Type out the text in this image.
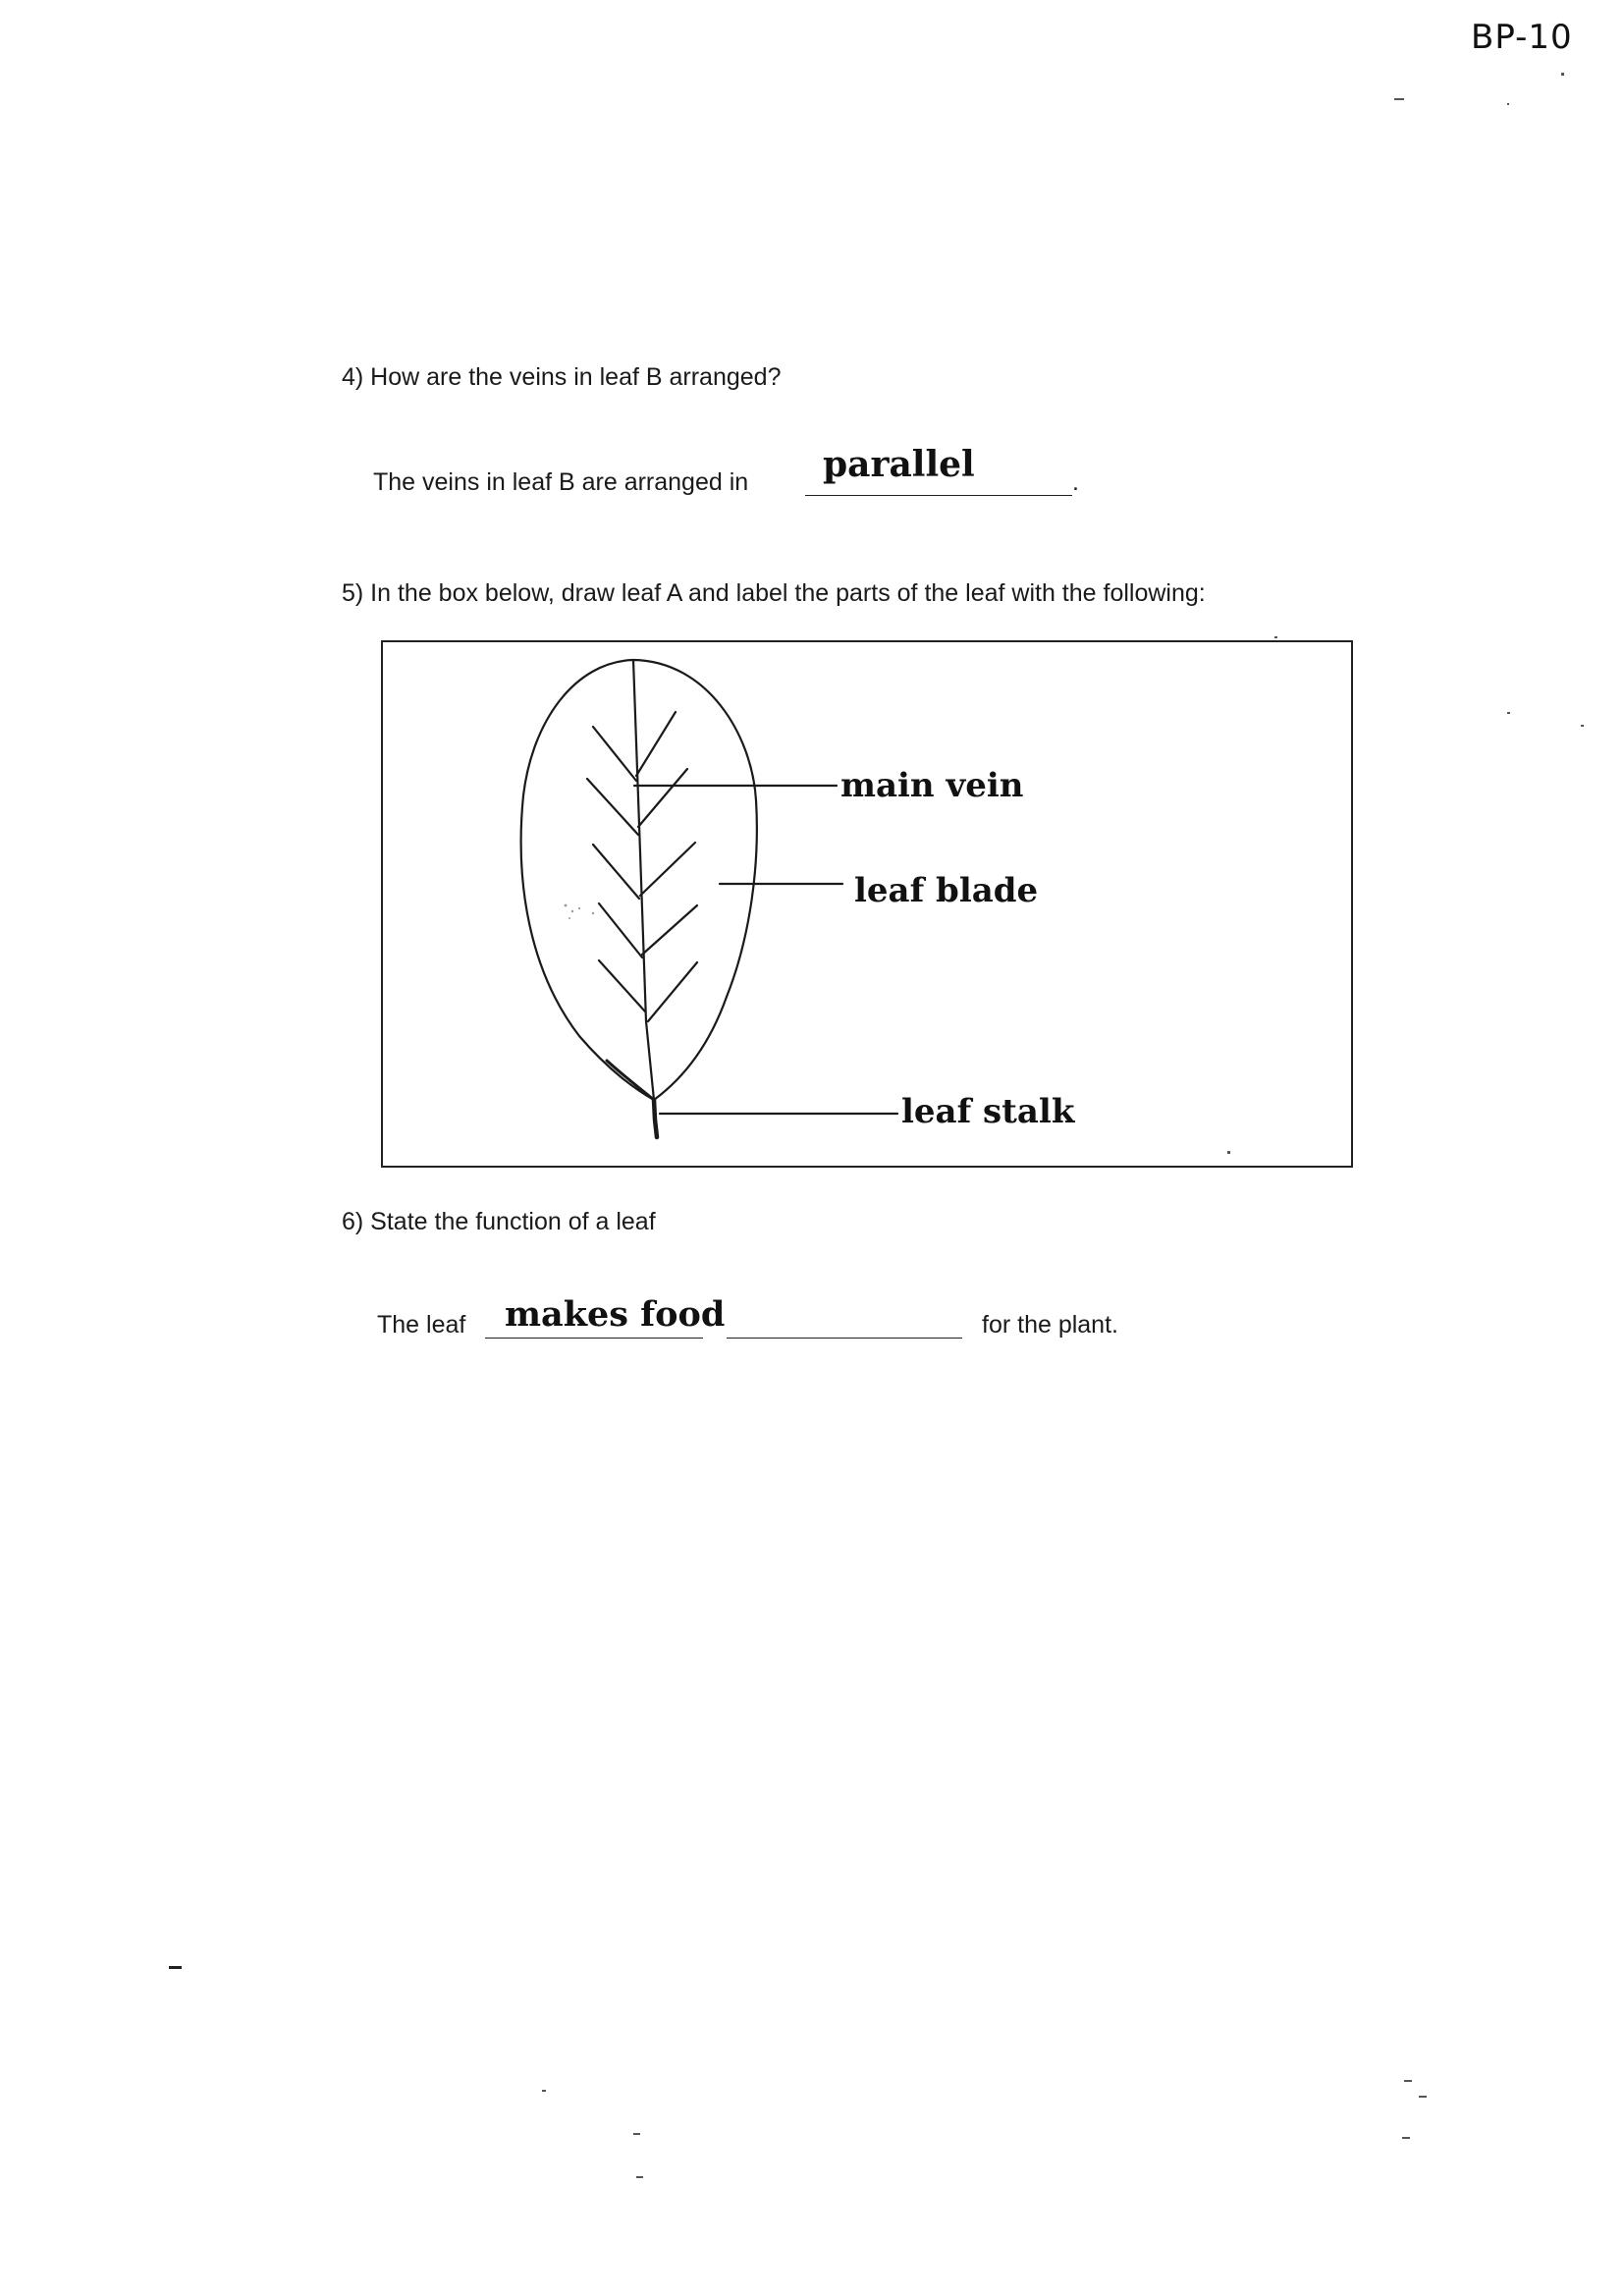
BP-10
4) How are the veins in leaf B arranged?
The veins in leaf B are arranged in parallel	.
5) In the box below, draw leaf A and label the parts of the leaf with the following:
main vein
leaf blade
leaf stalk
6) State the function of a leaf
The leaf makes food	for the plant.
